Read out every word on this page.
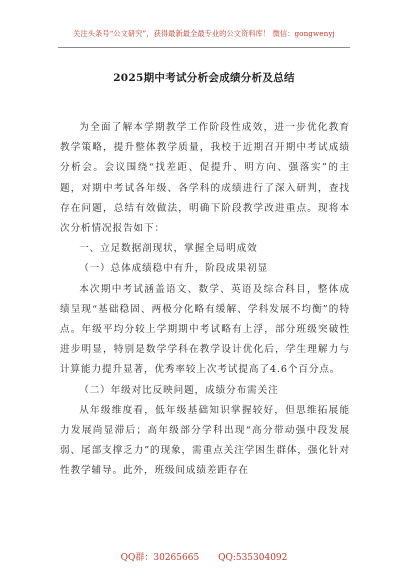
关注头条号“公文研究”，获得最新最全最专业的公文资料库！ 微信：gongwenyj
2025期中考试分析会成绩分析及总结

为全面了解本学期教学工作阶段性成效，进一步优化教育教学策略，提升整体教学质量，我校于近期召开期中考试成绩分析会。会议围绕“找差距、促提升、明方向、强落实”的主题，对期中考试各年级、各学科的成绩进行了深入研判，查找存在问题，总结有效做法，明确下阶段教学改进重点。现将本次分析情况报告如下：

一、立足数据剖现状，掌握全局明成效

（一）总体成绩稳中有升，阶段成果初显

本次期中考试涵盖语文、数学、英语及综合科目，整体成绩呈现“基础稳固、两极分化略有缓解、学科发展不均衡”的特点。年级平均分较上学期期中考试略有上浮，部分班级突破性进步明显，特别是数学学科在教学设计优化后，学生理解力与计算能力提升显著，优秀率较上次考试提高了4.6个百分点。

（二）年级对比反映问题，成绩分布需关注

从年级维度看，低年级基础知识掌握较好，但思维拓展能力发展尚显滞后；高年级部分学科出现“高分带动强中段发展弱、尾部支撑乏力”的现象，需重点关注学困生群体，强化针对性教学辅导。此外，班级间成绩差距存在

QQ群：30265665 QQ:535304092
